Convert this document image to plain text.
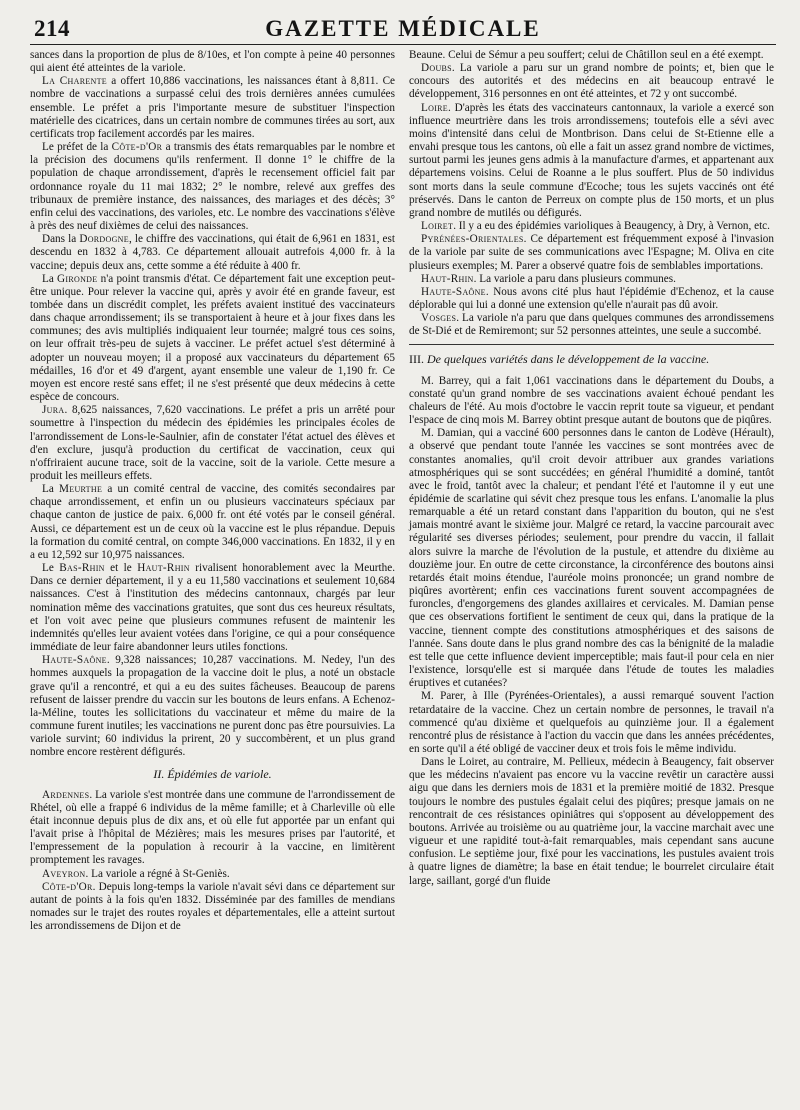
214	GAZETTE MÉDICALE

sances dans la proportion de plus de 8/10es, et l'on compte à peine 40 personnes qui aient été atteintes de la variole.

La Charente a offert 10,886 vaccinations, les naissances étant à 8,811. Ce nombre de vaccinations a surpassé celui des trois dernières années cumulées ensemble. Le préfet a pris l'importante mesure de substituer l'inspection matérielle des cicatrices, dans un certain nombre de communes tirées au sort, aux certificats trop facilement accordés par les maires.

Le préfet de la Côte-d'Or a transmis des états remarquables par le nombre et la précision des documens qu'ils renferment. Il donne 1° le chiffre de la population de chaque arrondissement, d'après le recensement officiel fait par ordonnance royale du 11 mai 1832; 2° le nombre, relevé aux greffes des tribunaux de première instance, des naissances, des mariages et des décès; 3° enfin celui des vaccinations, des varioles, etc. Le nombre des vaccinations s'élève à près des neuf dixièmes de celui des naissances.

Dans la Dordogne, le chiffre des vaccinations, qui était de 6,961 en 1831, est descendu en 1832 à 4,783. Ce département allouait autrefois 4,000 fr. à la vaccine; depuis deux ans, cette somme a été réduite à 400 fr.

La Gironde n'a point transmis d'état. Ce département fait une exception peut-être unique. Pour relever la vaccine qui, après y avoir été en grande faveur, est tombée dans un discrédit complet, les préfets avaient institué des vaccinateurs dans chaque arrondissement; ils se transportaient à heure et à jour fixes dans les communes; des avis multipliés indiquaient leur tournée; malgré tous ces soins, on leur offrait très-peu de sujets à vacciner. Le préfet actuel s'est déterminé à adopter un nouveau moyen; il a proposé aux vaccinateurs du département 65 médailles, 16 d'or et 49 d'argent, ayant ensemble une valeur de 1,190 fr. Ce moyen est encore resté sans effet; il ne s'est présenté que deux médecins à cette espèce de concours.

Jura. 8,625 naissances, 7,620 vaccinations. Le préfet a pris un arrêté pour soumettre à l'inspection du médecin des épidémies les principales écoles de l'arrondissement de Lons-le-Saulnier, afin de constater l'état actuel des élèves et d'en exclure, jusqu'à production du certificat de vaccination, ceux qui n'offriraient aucune trace, soit de la vaccine, soit de la variole. Cette mesure a produit les meilleurs effets.

La Meurthe a un comité central de vaccine, des comités secondaires par chaque arrondissement, et enfin un ou plusieurs vaccinateurs spéciaux par chaque canton de justice de paix. 6,000 fr. ont été votés par le conseil général. Aussi, ce département est un de ceux où la vaccine est le plus répandue. Depuis la formation du comité central, on compte 346,000 vaccinations. En 1832, il y en a eu 12,592 sur 10,975 naissances.

Le Bas-Rhin et le Haut-Rhin rivalisent honorablement avec la Meurthe. Dans ce dernier département, il y a eu 11,580 vaccinations et seulement 10,684 naissances. C'est à l'institution des médecins cantonnaux, chargés par leur nomination même des vaccinations gratuites, que sont dus ces heureux résultats, et l'on voit avec peine que plusieurs communes refusent de maintenir les indemnités qu'elles leur avaient votées dans l'origine, ce qui a pour conséquence immédiate de leur faire abandonner leurs utiles fonctions.

Haute-Saône. 9,328 naissances; 10,287 vaccinations. M. Nedey, l'un des hommes auxquels la propagation de la vaccine doit le plus, a noté un obstacle grave qu'il a rencontré, et qui a eu des suites fâcheuses. Beaucoup de parens refusent de laisser prendre du vaccin sur les boutons de leurs enfans. A Echenoz-la-Méline, toutes les sollicitations du vaccinateur et même du maire de la commune furent inutiles; les vaccinations ne purent donc pas être poursuivies. La variole survint; 60 individus la prirent, 20 y succombèrent, et un plus grand nombre encore restèrent défigurés.

II. Épidémies de variole.

Ardennes. La variole s'est montrée dans une commune de l'arrondissement de Rhétel, où elle a frappé 6 individus de la même famille; et à Charleville où elle était inconnue depuis plus de dix ans, et où elle fut apportée par un enfant qui l'avait prise à l'hôpital de Mézières; mais les mesures prises par l'autorité, et l'empressement de la population à recourir à la vaccine, en limitèrent promptement les ravages.

Aveyron. La variole a régné à St-Geniès.

Côte-d'Or. Depuis long-temps la variole n'avait sévi dans ce département sur autant de points à la fois qu'en 1832. Disséminée par des familles de mendians nomades sur le trajet des routes royales et départementales, elle a atteint surtout les arrondissemens de Dijon et de

Beaune. Celui de Sémur a peu souffert; celui de Châtillon seul en a été exempt.

Doubs. La variole a paru sur un grand nombre de points; et, bien que le concours des autorités et des médecins en ait beaucoup entravé le développement, 316 personnes en ont été atteintes, et 72 y ont succombé.

Loire. D'après les états des vaccinateurs cantonnaux, la variole a exercé son influence meurtrière dans les trois arrondissemens; toutefois elle a sévi avec moins d'intensité dans celui de Montbrison. Dans celui de St-Etienne elle a envahi presque tous les cantons, où elle a fait un assez grand nombre de victimes, surtout parmi les jeunes gens admis à la manufacture d'armes, et appartenant aux départemens voisins. Celui de Roanne a le plus souffert. Plus de 50 individus sont morts dans la seule commune d'Ecoche; tous les sujets vaccinés ont été préservés. Dans le canton de Perreux on compte plus de 150 morts, et un plus grand nombre de mutilés ou défigurés.

Loiret. Il y a eu des épidémies varioliques à Beaugency, à Dry, à Vernon, etc.

Pyrénées-Orientales. Ce département est fréquemment exposé à l'invasion de la variole par suite de ses communications avec l'Espagne; M. Oliva en cite plusieurs exemples; M. Parer a observé quatre fois de semblables importations.

Haut-Rhin. La variole a paru dans plusieurs communes.

Haute-Saône. Nous avons cité plus haut l'épidémie d'Echenoz, et la cause déplorable qui lui a donné une extension qu'elle n'aurait pas dû avoir.

Vosges. La variole n'a paru que dans quelques communes des arrondissemens de St-Dié et de Remiremont; sur 52 personnes atteintes, une seule a succombé.

III. De quelques variétés dans le développement de la vaccine.

M. Barrey, qui a fait 1,061 vaccinations dans le département du Doubs, a constaté qu'un grand nombre de ses vaccinations avaient échoué pendant les chaleurs de l'été. Au mois d'octobre le vaccin reprit toute sa vigueur, et pendant l'espace de cinq mois M. Barrey obtint presque autant de boutons que de piqûres.

M. Damian, qui a vacciné 600 personnes dans le canton de Lodève (Hérault), a observé que pendant toute l'année les vaccines se sont montrées avec de constantes anomalies, qu'il croit devoir attribuer aux grandes variations atmosphériques qui se sont succédées; en général l'humidité a dominé, tantôt avec le froid, tantôt avec la chaleur; et pendant l'été et l'automne il y eut une épidémie de scarlatine qui sévit chez presque tous les enfans. L'anomalie la plus remarquable a été un retard constant dans l'apparition du bouton, qui ne s'est jamais montré avant le sixième jour. Malgré ce retard, la vaccine parcourait avec régularité ses diverses périodes; seulement, pour prendre du vaccin, il fallait alors suivre la marche de l'évolution de la pustule, et attendre du dixième au douzième jour. En outre de cette circonstance, la circonférence des boutons ainsi retardés était moins étendue, l'auréole moins prononcée; un grand nombre de piqûres avortèrent; enfin ces vaccinations furent souvent accompagnées de furoncles, d'engorgemens des glandes axillaires et cervicales. M. Damian pense que ces observations fortifient le sentiment de ceux qui, dans la pratique de la vaccine, tiennent compte des constitutions atmosphériques et des saisons de l'année. Sans doute dans le plus grand nombre des cas la bénignité de la maladie est telle que cette influence devient imperceptible; mais faut-il pour cela en nier l'existence, lorsqu'elle est si marquée dans l'étude de toutes les maladies éruptives et cutanées?

M. Parer, à Ille (Pyrénées-Orientales), a aussi remarqué souvent l'action retardataire de la vaccine. Chez un certain nombre de personnes, le travail n'a commencé qu'au dixième et quelquefois au quinzième jour. Il a également rencontré plus de résistance à l'action du vaccin que dans les années précédentes, en sorte qu'il a été obligé de vacciner deux et trois fois le même individu.

Dans le Loiret, au contraire, M. Pellieux, médecin à Beaugency, fait observer que les médecins n'avaient pas encore vu la vaccine revêtir un caractère aussi aigu que dans les derniers mois de 1831 et la première moitié de 1832. Presque toujours le nombre des pustules égalait celui des piqûres; presque jamais on ne rencontrait de ces résistances opiniâtres qui s'opposent au développement des boutons. Arrivée au troisième ou au quatrième jour, la vaccine marchait avec une vigueur et une rapidité tout-à-fait remarquables, mais cependant sans aucune confusion. Le septième jour, fixé pour les vaccinations, les pustules avaient trois à quatre lignes de diamètre; la base en était tendue; le bourrelet circulaire était large, saillant, gorgé d'un fluide
